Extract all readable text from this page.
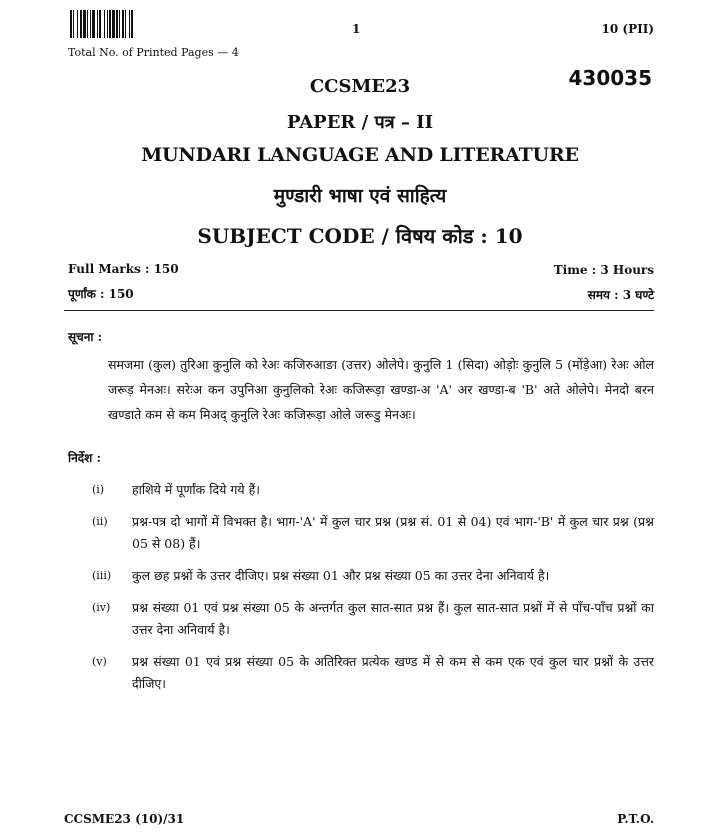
1	10 (PII)
Total No. of Printed Pages — 4
430035
CCSME23
PAPER / पत्र – II
MUNDARI LANGUAGE AND LITERATURE
मुण्डारी भाषा एवं साहित्य
SUBJECT CODE / विषय कोड : 10
Full Marks : 150
पूर्णांक : 150
Time : 3 Hours
समय : 3 घण्टे
सूचना :
समजमा (कुल) तुरिआ कुनुलि को रेअः कजिरुआङा (उत्तर) ओलेपे। कुनुलि 1 (सिदा) ओड़ोः कुनुलि 5 (मोंड़ेआ) रेअः ओल जरूड़ मेनअः। सरेःअ कन उपुनिआ कुनुलिको रेअः कजिरूड़ा खण्डा-अ 'A' अर खण्डा-ब 'B' अते ओलेपे। मेनदो बरन खण्डाते कम से कम मिअद् कुनुलि रेअः कजिरूड़ा ओले जरूडु मेनअः।
निर्देश :
(i)	हाशिये में पूर्णांक दिये गये हैं।
(ii)	प्रश्न-पत्र दो भागों में विभक्त है। भाग-'A' में कुल चार प्रश्न (प्रश्न सं. 01 से 04) एवं भाग-'B' में कुल चार प्रश्न (प्रश्न 05 से 08) हैं।
(iii)	कुल छह प्रश्नों के उत्तर दीजिए। प्रश्न संख्या 01 और प्रश्न संख्या 05 का उत्तर देना अनिवार्य है।
(iv)	प्रश्न संख्या 01 एवं प्रश्न संख्या 05 के अन्तर्गत कुल सात-सात प्रश्न हैं। कुल सात-सात प्रश्नों में से पाँच-पाँच प्रश्नों का उत्तर देना अनिवार्य है।
(v)	प्रश्न संख्या 01 एवं प्रश्न संख्या 05 के अतिरिक्त प्रत्येक खण्ड में से कम से कम एक एवं कुल चार प्रश्नों के उत्तर दीजिए।
CCSME23 (10)/31	P.T.O.
